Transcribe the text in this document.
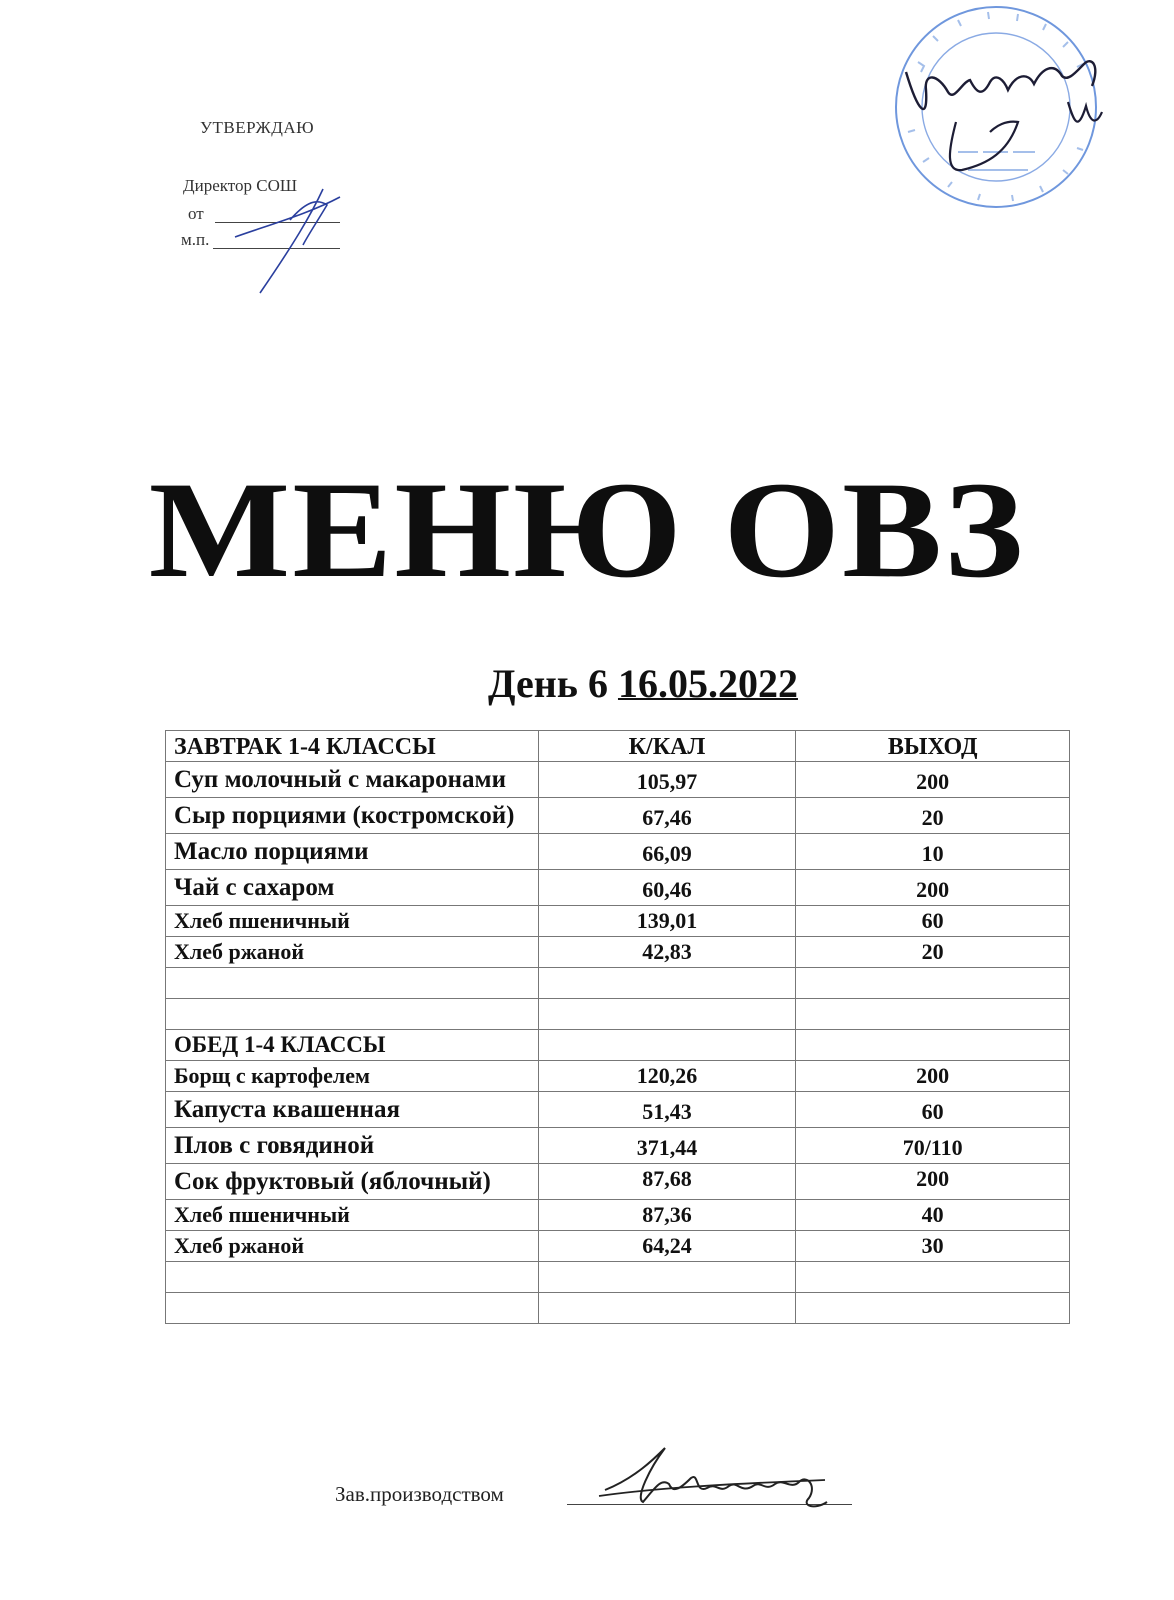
УТВЕРЖДАЮ
Директор СОШ
от
м.п.
МЕНЮ ОВЗ
День 6 16.05.2022
ЗАВТРАК 1-4 КЛАССЫ	К/КАЛ	ВЫХОД
Суп молочный с макаронами	105,97	200
Сыр порциями (костромской)	67,46	20
Масло порциями	66,09	10
Чай с сахаром	60,46	200
Хлеб пшеничный	139,01	60
Хлеб ржаной	42,83	20

ОБЕД 1-4 КЛАССЫ		
Борщ с картофелем	120,26	200
Капуста квашенная	51,43	60
Плов с говядиной	371,44	70/110
Сок фруктовый (яблочный)	87,68	200
Хлеб пшеничный	87,36	40
Хлеб ржаной	64,24	30

Зав.производством
